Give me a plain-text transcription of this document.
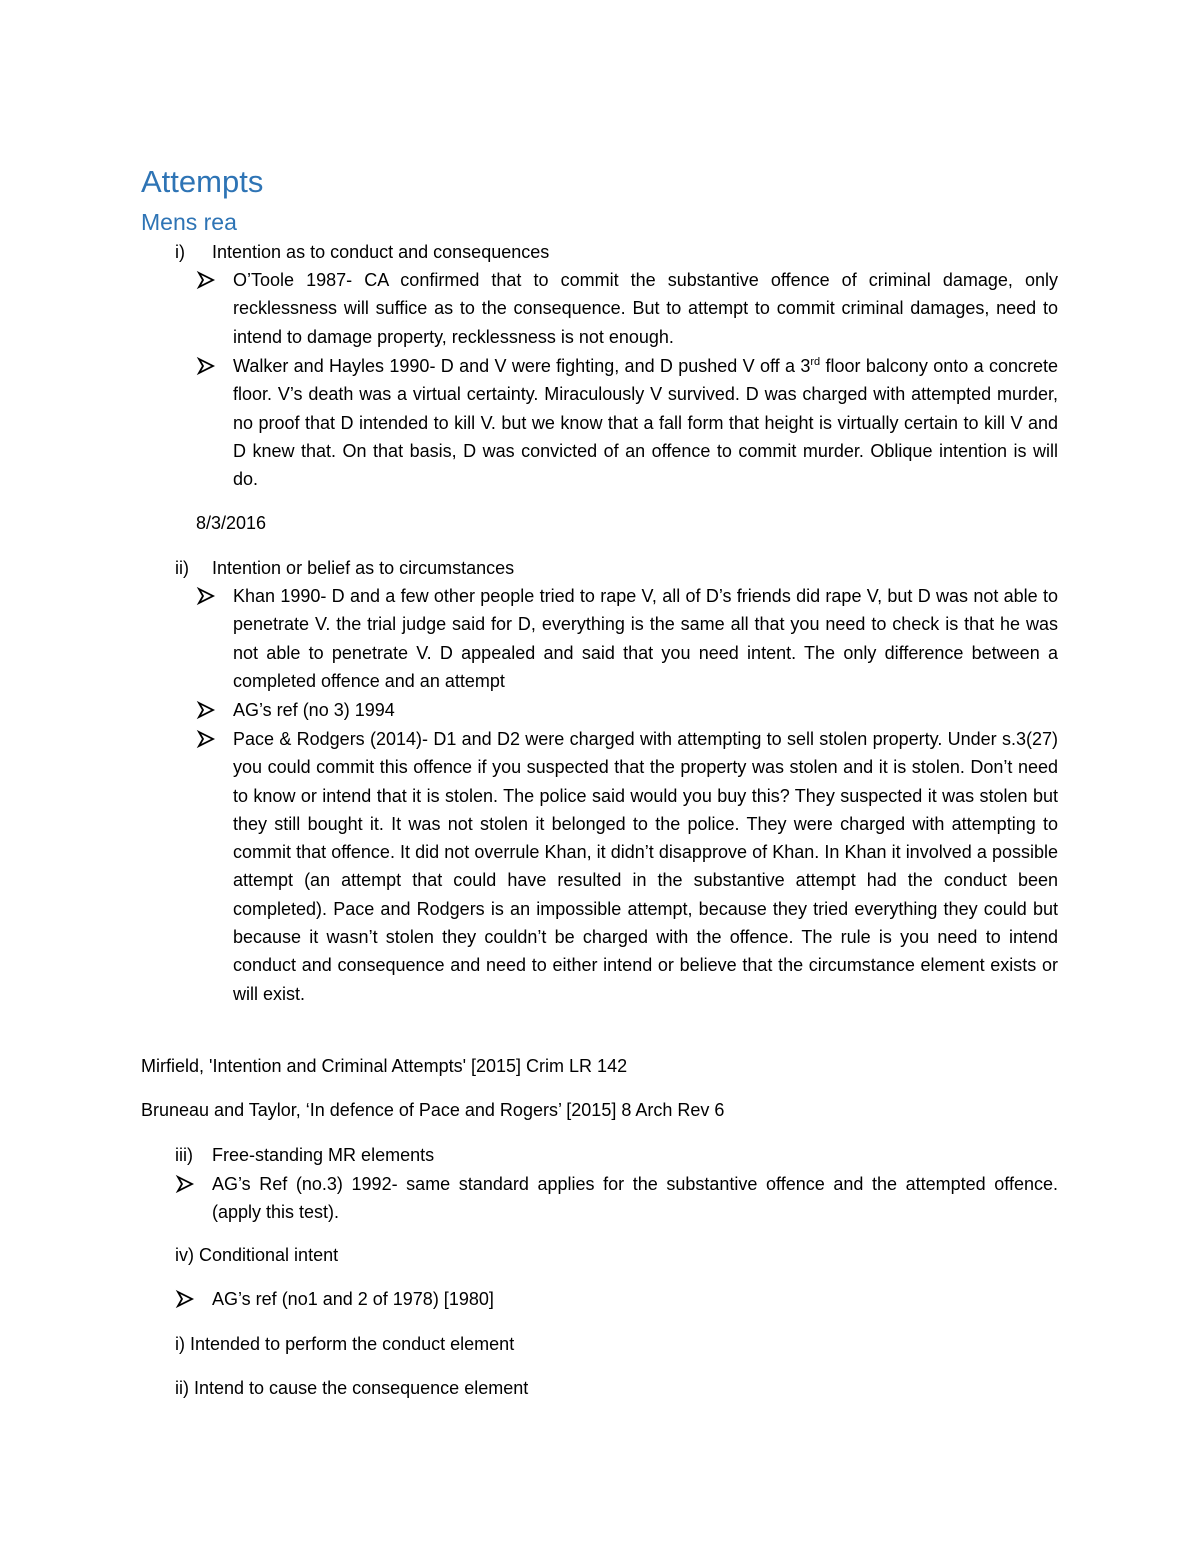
Attempts
Mens rea
i) Intention as to conduct and consequences
O’Toole 1987- CA confirmed that to commit the substantive offence of criminal damage, only recklessness will suffice as to the consequence. But to attempt to commit criminal damages, need to intend to damage property, recklessness is not enough.
Walker and Hayles 1990- D and V were fighting, and D pushed V off a 3rd floor balcony onto a concrete floor. V’s death was a virtual certainty. Miraculously V survived. D was charged with attempted murder, no proof that D intended to kill V. but we know that a fall form that height is virtually certain to kill V and D knew that. On that basis, D was convicted of an offence to commit murder. Oblique intention is will do.
8/3/2016
ii) Intention or belief as to circumstances
Khan 1990- D and a few other people tried to rape V, all of D’s friends did rape V, but D was not able to penetrate V. the trial judge said for D, everything is the same all that you need to check is that he was not able to penetrate V. D appealed and said that you need intent. The only difference between a completed offence and an attempt
AG’s ref (no 3) 1994
Pace & Rodgers (2014)- D1 and D2 were charged with attempting to sell stolen property. Under s.3(27) you could commit this offence if you suspected that the property was stolen and it is stolen. Don’t need to know or intend that it is stolen. The police said would you buy this? They suspected it was stolen but they still bought it. It was not stolen it belonged to the police. They were charged with attempting to commit that offence. It did not overrule Khan, it didn’t disapprove of Khan. In Khan it involved a possible attempt (an attempt that could have resulted in the substantive attempt had the conduct been completed). Pace and Rodgers is an impossible attempt, because they tried everything they could but because it wasn’t stolen they couldn’t be charged with the offence. The rule is you need to intend conduct and consequence and need to either intend or believe that the circumstance element exists or will exist.
Mirfield, 'Intention and Criminal Attempts' [2015] Crim LR 142
Bruneau and Taylor, ‘In defence of Pace and Rogers’ [2015] 8 Arch Rev 6
iii) Free-standing MR elements
AG’s Ref (no.3) 1992- same standard applies for the substantive offence and the attempted offence. (apply this test).
iv) Conditional intent
AG’s ref (no1 and 2 of 1978) [1980]
i) Intended to perform the conduct element
ii) Intend to cause the consequence element
